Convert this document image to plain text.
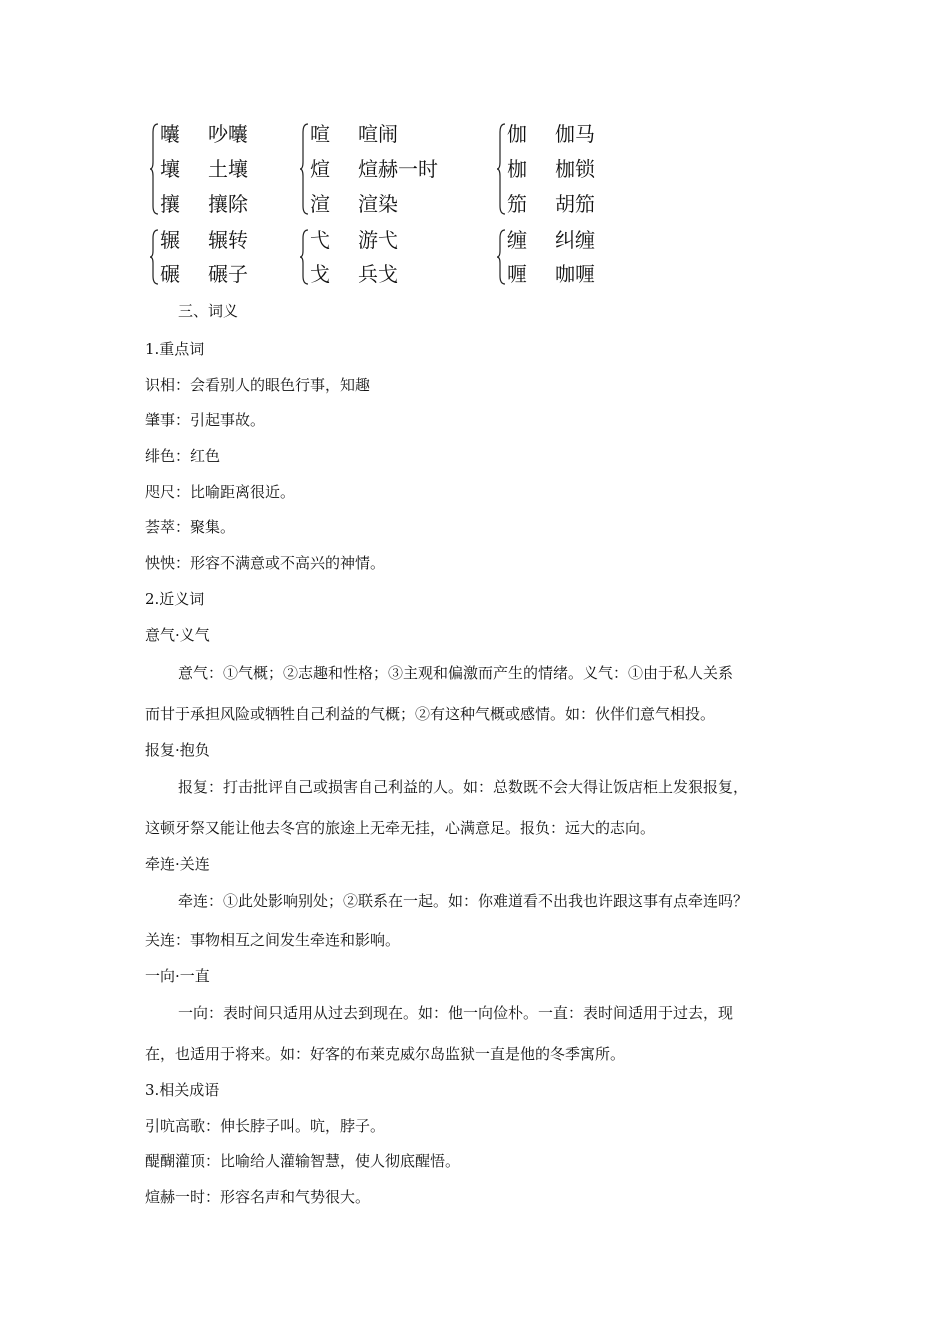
囔 吵囔
壤 土壤
攘 攘除
喧 喧闹
煊 煊赫一时
渲 渲染
伽 伽马
枷 枷锁
笳 胡笳
辗 辗转
碾 碾子
弋 游弋
戈 兵戈
缠 纠缠
喱 咖喱
三、词义
1.重点词
识相：会看别人的眼色行事，知趣
肇事：引起事故。
绯色：红色
咫尺：比喻距离很近。
荟萃：聚集。
怏怏：形容不满意或不高兴的神情。
2.近义词
意气·义气
意气：①气概；②志趣和性格；③主观和偏激而产生的情绪。义气：①由于私人关系
而甘于承担风险或牺牲自己利益的气概；②有这种气概或感情。如：伙伴们意气相投。
报复·抱负
报复：打击批评自己或损害自己利益的人。如：总数既不会大得让饭店柜上发狠报复，
这顿牙祭又能让他去冬宫的旅途上无牵无挂，心满意足。报负：远大的志向。
牵连·关连
牵连：①此处影响别处；②联系在一起。如：你难道看不出我也许跟这事有点牵连吗？
关连：事物相互之间发生牵连和影响。
一向·一直
一向：表时间只适用从过去到现在。如：他一向俭朴。一直：表时间适用于过去，现
在，也适用于将来。如：好客的布莱克威尔岛监狱一直是他的冬季寓所。
3.相关成语
引吭高歌：伸长脖子叫。吭，脖子。
醍醐灌顶：比喻给人灌输智慧，使人彻底醒悟。
煊赫一时：形容名声和气势很大。
